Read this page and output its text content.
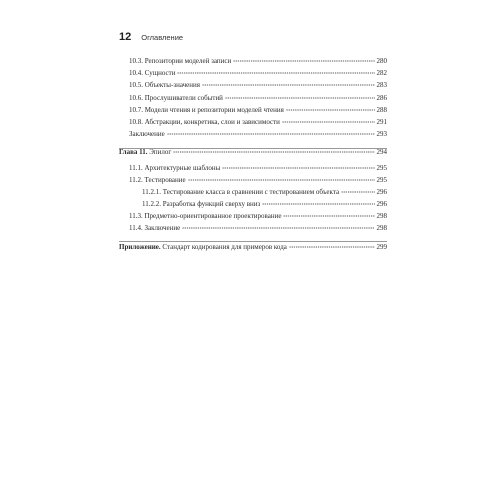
12 Оглавление
10.3. Репозитории моделей записи	280
10.4. Сущности	282
10.5. Объекты-значения	283
10.6. Прослушиватели событий	286
10.7. Модели чтения и репозитории моделей чтения	288
10.8. Абстракции, конкретика, слои и зависимости	291
Заключение	293
Глава 11. Эпилог	294
11.1. Архитектурные шаблоны	295
11.2. Тестирование	295
11.2.1. Тестирование класса в сравнении с тестированием объекта	296
11.2.2. Разработка функций сверху вниз	296
11.3. Предметно-ориентированное проектирование	298
11.4. Заключение	298
Приложение. Стандарт кодирования для примеров кода	299
